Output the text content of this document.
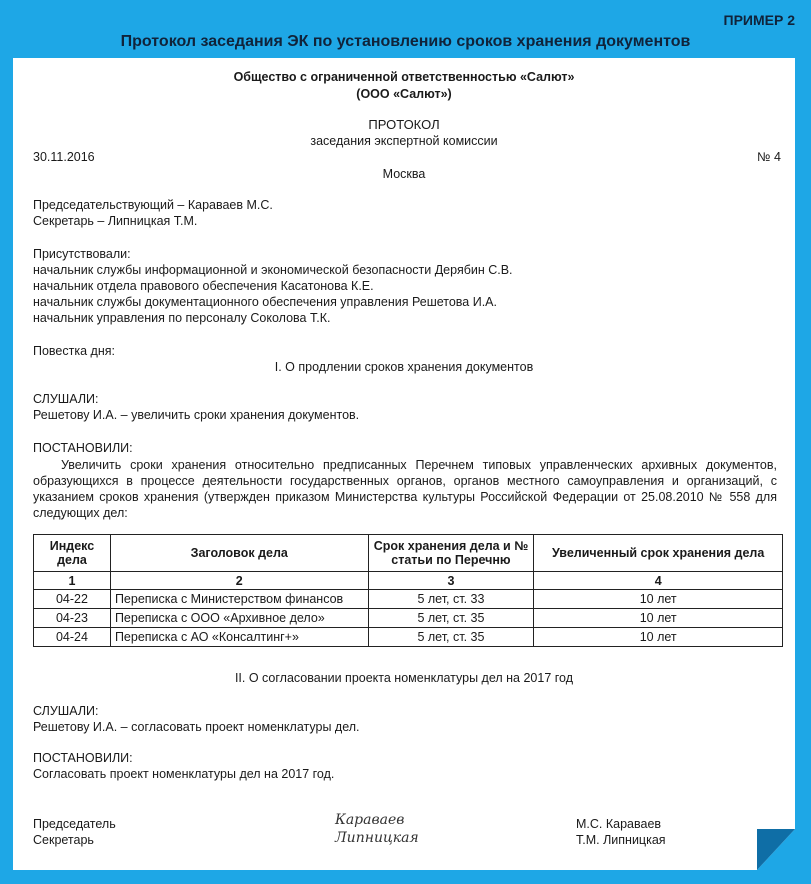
ПРИМЕР 2
Протокол заседания ЭК по установлению сроков хранения документов
Общество с ограниченной ответственностью «Салют»
(ООО «Салют»)
ПРОТОКОЛ
заседания экспертной комиссии
30.11.2016	№ 4
Москва
Председательствующий – Караваев М.С.
Секретарь – Липницкая Т.М.
Присутствовали:
начальник службы информационной и экономической безопасности Дерябин С.В.
начальник отдела правового обеспечения Касатонова К.Е.
начальник службы документационного обеспечения управления Решетова И.А.
начальник управления по персоналу Соколова Т.К.
Повестка дня:
I. О продлении сроков хранения документов
СЛУШАЛИ:
Решетову И.А. – увеличить сроки хранения документов.
ПОСТАНОВИЛИ:
Увеличить сроки хранения относительно предписанных Перечнем типовых управленческих архивных документов, образующихся в процессе деятельности государственных органов, органов местного самоуправления и организаций, с указанием сроков хранения (утвержден приказом Министерства культуры Российской Федерации от 25.08.2010 № 558 для следующих дел:
Индекс дела	Заголовок дела	Срок хранения дела и № статьи по Перечню	Увеличенный срок хранения дела
1	2	3	4
04-22	Переписка с Министерством финансов	5 лет, ст. 33	10 лет
04-23	Переписка с ООО «Архивное дело»	5 лет, ст. 35	10 лет
04-24	Переписка с АО «Консалтинг+»	5 лет, ст. 35	10 лет
II. О согласовании проекта номенклатуры дел на 2017 год
СЛУШАЛИ:
Решетову И.А. – согласовать проект номенклатуры дел.
ПОСТАНОВИЛИ:
Согласовать проект номенклатуры дел на 2017 год.
Председатель
Секретарь
Караваев
Липницкая
М.С. Караваев
Т.М. Липницкая
